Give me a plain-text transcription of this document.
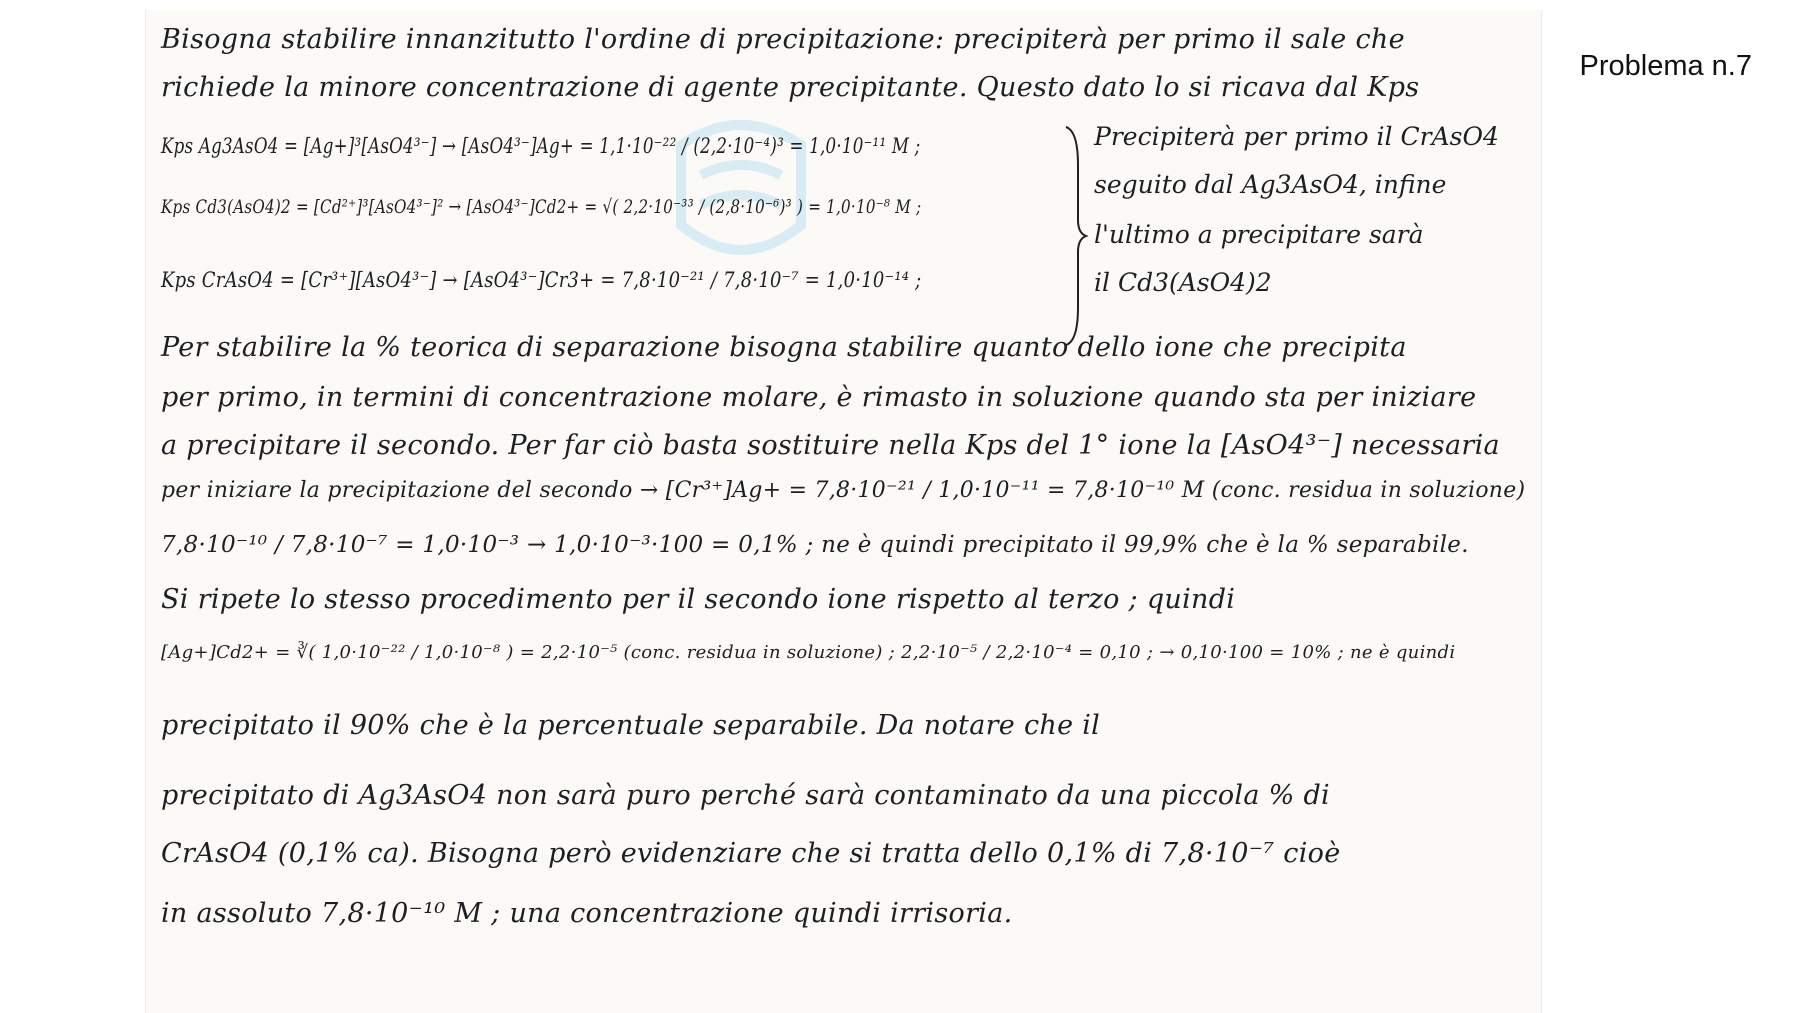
Bisogna stabilire innanzitutto l'ordine di precipitazione: precipiterà per primo il sale che
richiede la minore concentrazione di agente precipitante. Questo dato lo si ricava dal Kps
Kps Ag3AsO4 = [Ag+]³[AsO4³⁻] → [AsO4³⁻]Ag+ = 1,1·10⁻²² / (2,2·10⁻⁴)³ = 1,0·10⁻¹¹ M ;
Kps Cd3(AsO4)2 = [Cd²⁺]³[AsO4³⁻]² → [AsO4³⁻]Cd2+ = √( 2,2·10⁻³³ / (2,8·10⁻⁶)³ ) = 1,0·10⁻⁸ M ;
Kps CrAsO4 = [Cr³⁺][AsO4³⁻] → [AsO4³⁻]Cr3+ = 7,8·10⁻²¹ / 7,8·10⁻⁷ = 1,0·10⁻¹⁴ ;
Precipiterà per primo il CrAsO4
seguito dal Ag3AsO4, infine
l'ultimo a precipitare sarà
il Cd3(AsO4)2
Per stabilire la % teorica di separazione bisogna stabilire quanto dello ione che precipita
per primo, in termini di concentrazione molare, è rimasto in soluzione quando sta per iniziare
a precipitare il secondo. Per far ciò basta sostituire nella Kps del 1° ione la [AsO4³⁻] necessaria
per iniziare la precipitazione del secondo → [Cr³⁺]Ag+ = 7,8·10⁻²¹ / 1,0·10⁻¹¹ = 7,8·10⁻¹⁰ M (conc. residua in soluzione)
7,8·10⁻¹⁰ / 7,8·10⁻⁷ = 1,0·10⁻³ → 1,0·10⁻³·100 = 0,1% ; ne è quindi precipitato il 99,9% che è la % separabile.
Si ripete lo stesso procedimento per il secondo ione rispetto al terzo ; quindi
[Ag+]Cd2+ = ∛( 1,0·10⁻²² / 1,0·10⁻⁸ ) = 2,2·10⁻⁵ (conc. residua in soluzione) ; 2,2·10⁻⁵ / 2,2·10⁻⁴ = 0,10 ; → 0,10·100 = 10% ; ne è quindi
precipitato il 90% che è la percentuale separabile. Da notare che il
precipitato di Ag3AsO4 non sarà puro perché sarà contaminato da una piccola % di
CrAsO4 (0,1% ca). Bisogna però evidenziare che si tratta dello 0,1% di 7,8·10⁻⁷ cioè
in assoluto 7,8·10⁻¹⁰ M ; una concentrazione quindi irrisoria.
Problema n.7
